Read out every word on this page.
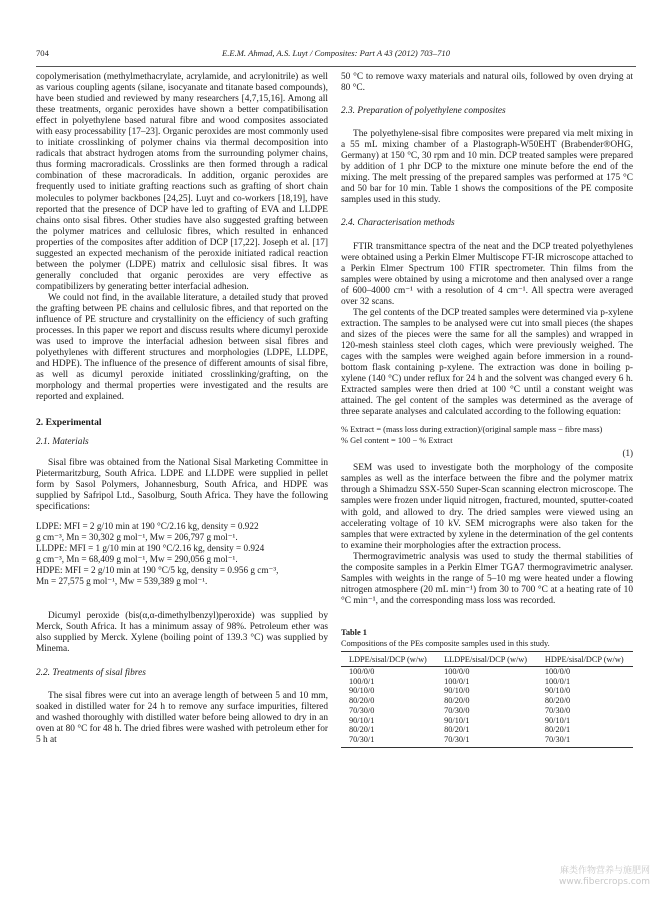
704	E.E.M. Ahmad, A.S. Luyt / Composites: Part A 43 (2012) 703–710

copolymerisation (methylmethacrylate, acrylamide, and acrylonitrile) as well as various coupling agents (silane, isocyanate and titanate based compounds), have been studied and reviewed by many researchers [4,7,15,16]. Among all these treatments, organic peroxides have shown a better compatibilisation effect in polyethylene based natural fibre and wood composites associated with easy processability [17–23]. Organic peroxides are most commonly used to initiate crosslinking of polymer chains via thermal decomposition into radicals that abstract hydrogen atoms from the surrounding polymer chains, thus forming macroradicals. Crosslinks are then formed through a radical combination of these macroradicals. In addition, organic peroxides are frequently used to initiate grafting reactions such as grafting of short chain molecules to polymer backbones [24,25]. Luyt and co-workers [18,19], have reported that the presence of DCP have led to grafting of EVA and LLDPE chains onto sisal fibres. Other studies have also suggested grafting between the polymer matrices and cellulosic fibres, which resulted in enhanced properties of the composites after addition of DCP [17,22]. Joseph et al. [17] suggested an expected mechanism of the peroxide initiated radical reaction between the polymer (LDPE) matrix and cellulosic sisal fibres. It was generally concluded that organic peroxides are very effective as compatibilizers by generating better interfacial adhesion.

We could not find, in the available literature, a detailed study that proved the grafting between PE chains and cellulosic fibres, and that reported on the influence of PE structure and crystallinity on the efficiency of such grafting processes. In this paper we report and discuss results where dicumyl peroxide was used to improve the interfacial adhesion between sisal fibres and polyethylenes with different structures and morphologies (LDPE, LLDPE, and HDPE). The influence of the presence of different amounts of sisal fibre, as well as dicumyl peroxide initiated crosslinking/grafting, on the morphology and thermal properties were investigated and the results are reported and explained.

2. Experimental
2.1. Materials

Sisal fibre was obtained from the National Sisal Marketing Committee in Pietermaritzburg, South Africa. LDPE and LLDPE were supplied in pellet form by Sasol Polymers, Johannesburg, South Africa, and HDPE was supplied by Safripol Ltd., Sasolburg, South Africa. They have the following specifications:

LDPE: MFI = 2 g/10 min at 190 °C/2.16 kg, density = 0.922
g cm⁻³, Mn = 30,302 g mol⁻¹, Mw = 206,797 g mol⁻¹.
LLDPE: MFI = 1 g/10 min at 190 °C/2.16 kg, density = 0.924
g cm⁻³, Mn = 68,409 g mol⁻¹, Mw = 290,056 g mol⁻¹.
HDPE: MFI = 2 g/10 min at 190 °C/5 kg, density = 0.956 g cm⁻³,
Mn = 27,575 g mol⁻¹, Mw = 539,389 g mol⁻¹.

Dicumyl peroxide (bis(α,α-dimethylbenzyl)peroxide) was supplied by Merck, South Africa. It has a minimum assay of 98%. Petroleum ether was also supplied by Merck. Xylene (boiling point of 139.3 °C) was supplied by Minema.

2.2. Treatments of sisal fibres

The sisal fibres were cut into an average length of between 5 and 10 mm, soaked in distilled water for 24 h to remove any surface impurities, filtered and washed thoroughly with distilled water before being allowed to dry in an oven at 80 °C for 48 h. The dried fibres were washed with petroleum ether for 5 h at

50 °C to remove waxy materials and natural oils, followed by oven drying at 80 °C.

2.3. Preparation of polyethylene composites

The polyethylene-sisal fibre composites were prepared via melt mixing in a 55 mL mixing chamber of a Plastograph-W50EHT (Brabender®OHG, Germany) at 150 °C, 30 rpm and 10 min. DCP treated samples were prepared by addition of 1 phr DCP to the mixture one minute before the end of the mixing. The melt pressing of the prepared samples was performed at 175 °C and 50 bar for 10 min. Table 1 shows the compositions of the PE composite samples used in this study.

2.4. Characterisation methods

FTIR transmittance spectra of the neat and the DCP treated polyethylenes were obtained using a Perkin Elmer Multiscope FT-IR microscope attached to a Perkin Elmer Spectrum 100 FTIR spectrometer. Thin films from the samples were obtained by using a microtome and then analysed over a range of 600–4000 cm⁻¹ with a resolution of 4 cm⁻¹. All spectra were averaged over 32 scans.

The gel contents of the DCP treated samples were determined via p-xylene extraction. The samples to be analysed were cut into small pieces (the shapes and sizes of the pieces were the same for all the samples) and wrapped in 120-mesh stainless steel cloth cages, which were previously weighed. The cages with the samples were weighed again before immersion in a round-bottom flask containing p-xylene. The extraction was done in boiling p-xylene (140 °C) under reflux for 24 h and the solvent was changed every 6 h. Extracted samples were then dried at 100 °C until a constant weight was attained. The gel content of the samples was determined as the average of three separate analyses and calculated according to the following equation:

% Extract = (mass loss during extraction)/(original sample mass − fibre mass)
% Gel content = 100 − % Extract
(1)

SEM was used to investigate both the morphology of the composite samples as well as the interface between the fibre and the polymer matrix through a Shimadzu SSX-550 Super-Scan scanning electron microscope. The samples were frozen under liquid nitrogen, fractured, mounted, sputter-coated with gold, and allowed to dry. The dried samples were viewed using an accelerating voltage of 10 kV. SEM micrographs were also taken for the samples that were extracted by xylene in the determination of the gel contents to examine their morphologies after the extraction process.

Thermogravimetric analysis was used to study the thermal stabilities of the composite samples in a Perkin Elmer TGA7 thermogravimetric analyser. Samples with weights in the range of 5–10 mg were heated under a flowing nitrogen atmosphere (20 mL min⁻¹) from 30 to 700 °C at a heating rate of 10 °C min⁻¹, and the corresponding mass loss was recorded.

Table 1
Compositions of the PEs composite samples used in this study.
LDPE/sisal/DCP (w/w)	LLDPE/sisal/DCP (w/w)	HDPE/sisal/DCP (w/w)
100/0/0	100/0/0	100/0/0
100/0/1	100/0/1	100/0/1
90/10/0	90/10/0	90/10/0
80/20/0	80/20/0	80/20/0
70/30/0	70/30/0	70/30/0
90/10/1	90/10/1	90/10/1
80/20/1	80/20/1	80/20/1
70/30/1	70/30/1	70/30/1
麻类作物营养与施肥网
www.fibercrops.com
